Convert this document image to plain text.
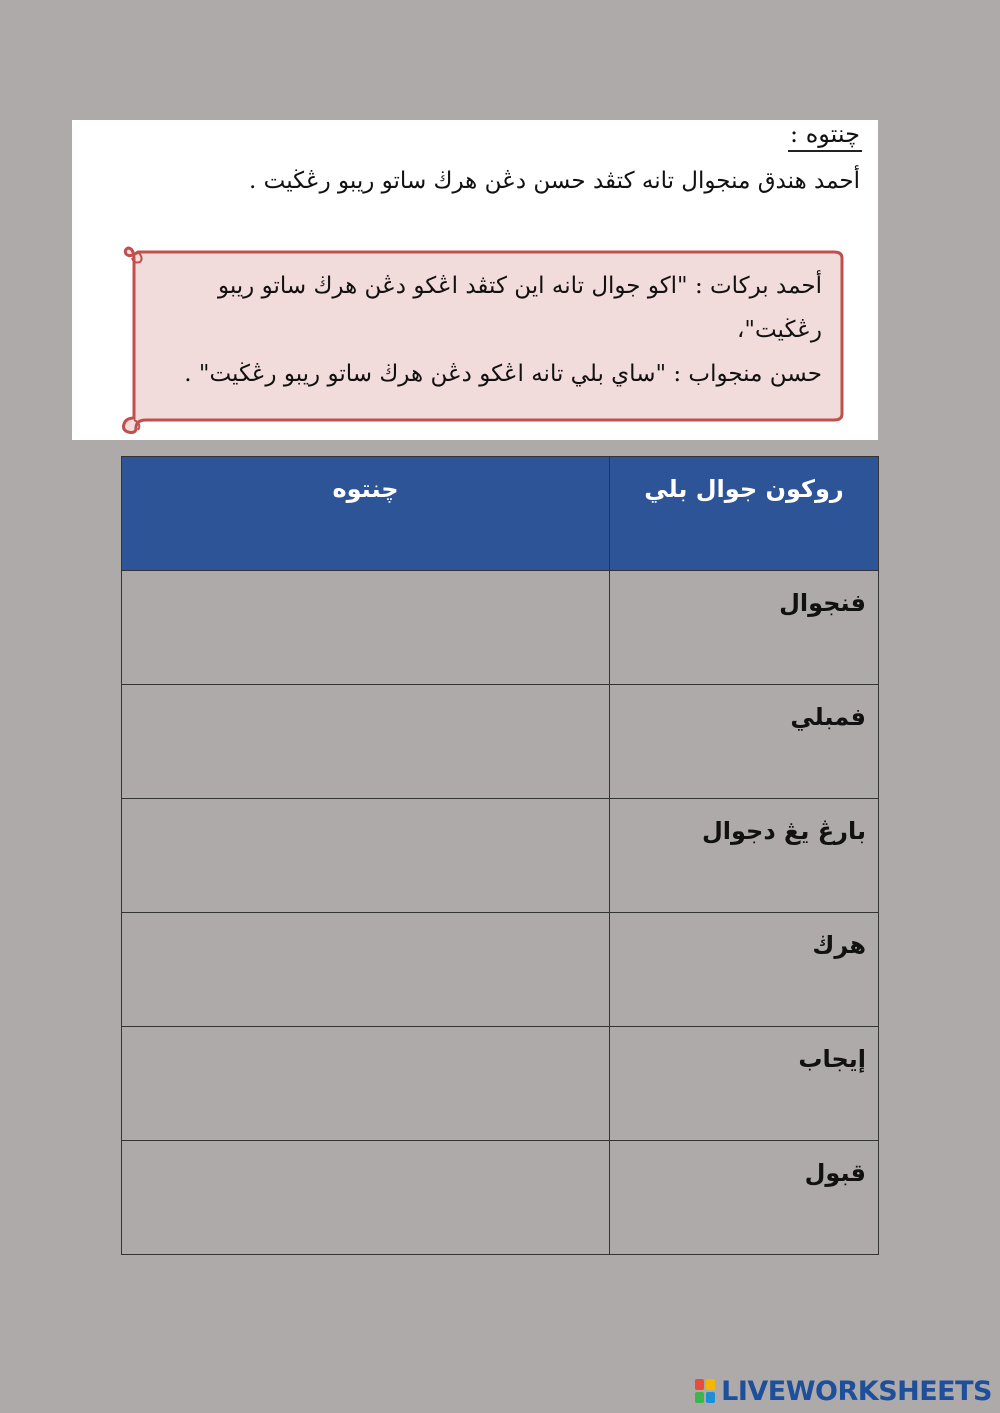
چنتوه :
أحمد هندق منجوال تانه كتڤد حسن دڠن هرڬ ساتو ريبو رڠڬيت .

أحمد بركات : "اكو جوال تانه اين كتڤد اڠكو دڠن هرڬ ساتو ريبو رڠڬيت"،

حسن منجواب : "ساي بلي تانه اڠكو دڠن هرڬ ساتو ريبو رڠڬيت" .

روكون جوال بلي	چنتوه
فنجوال	
فمبلي	
بارڠ يڠ دجوال	
هرڬ	
إيجاب	
قبول	
LIVEWORKSHEETS
